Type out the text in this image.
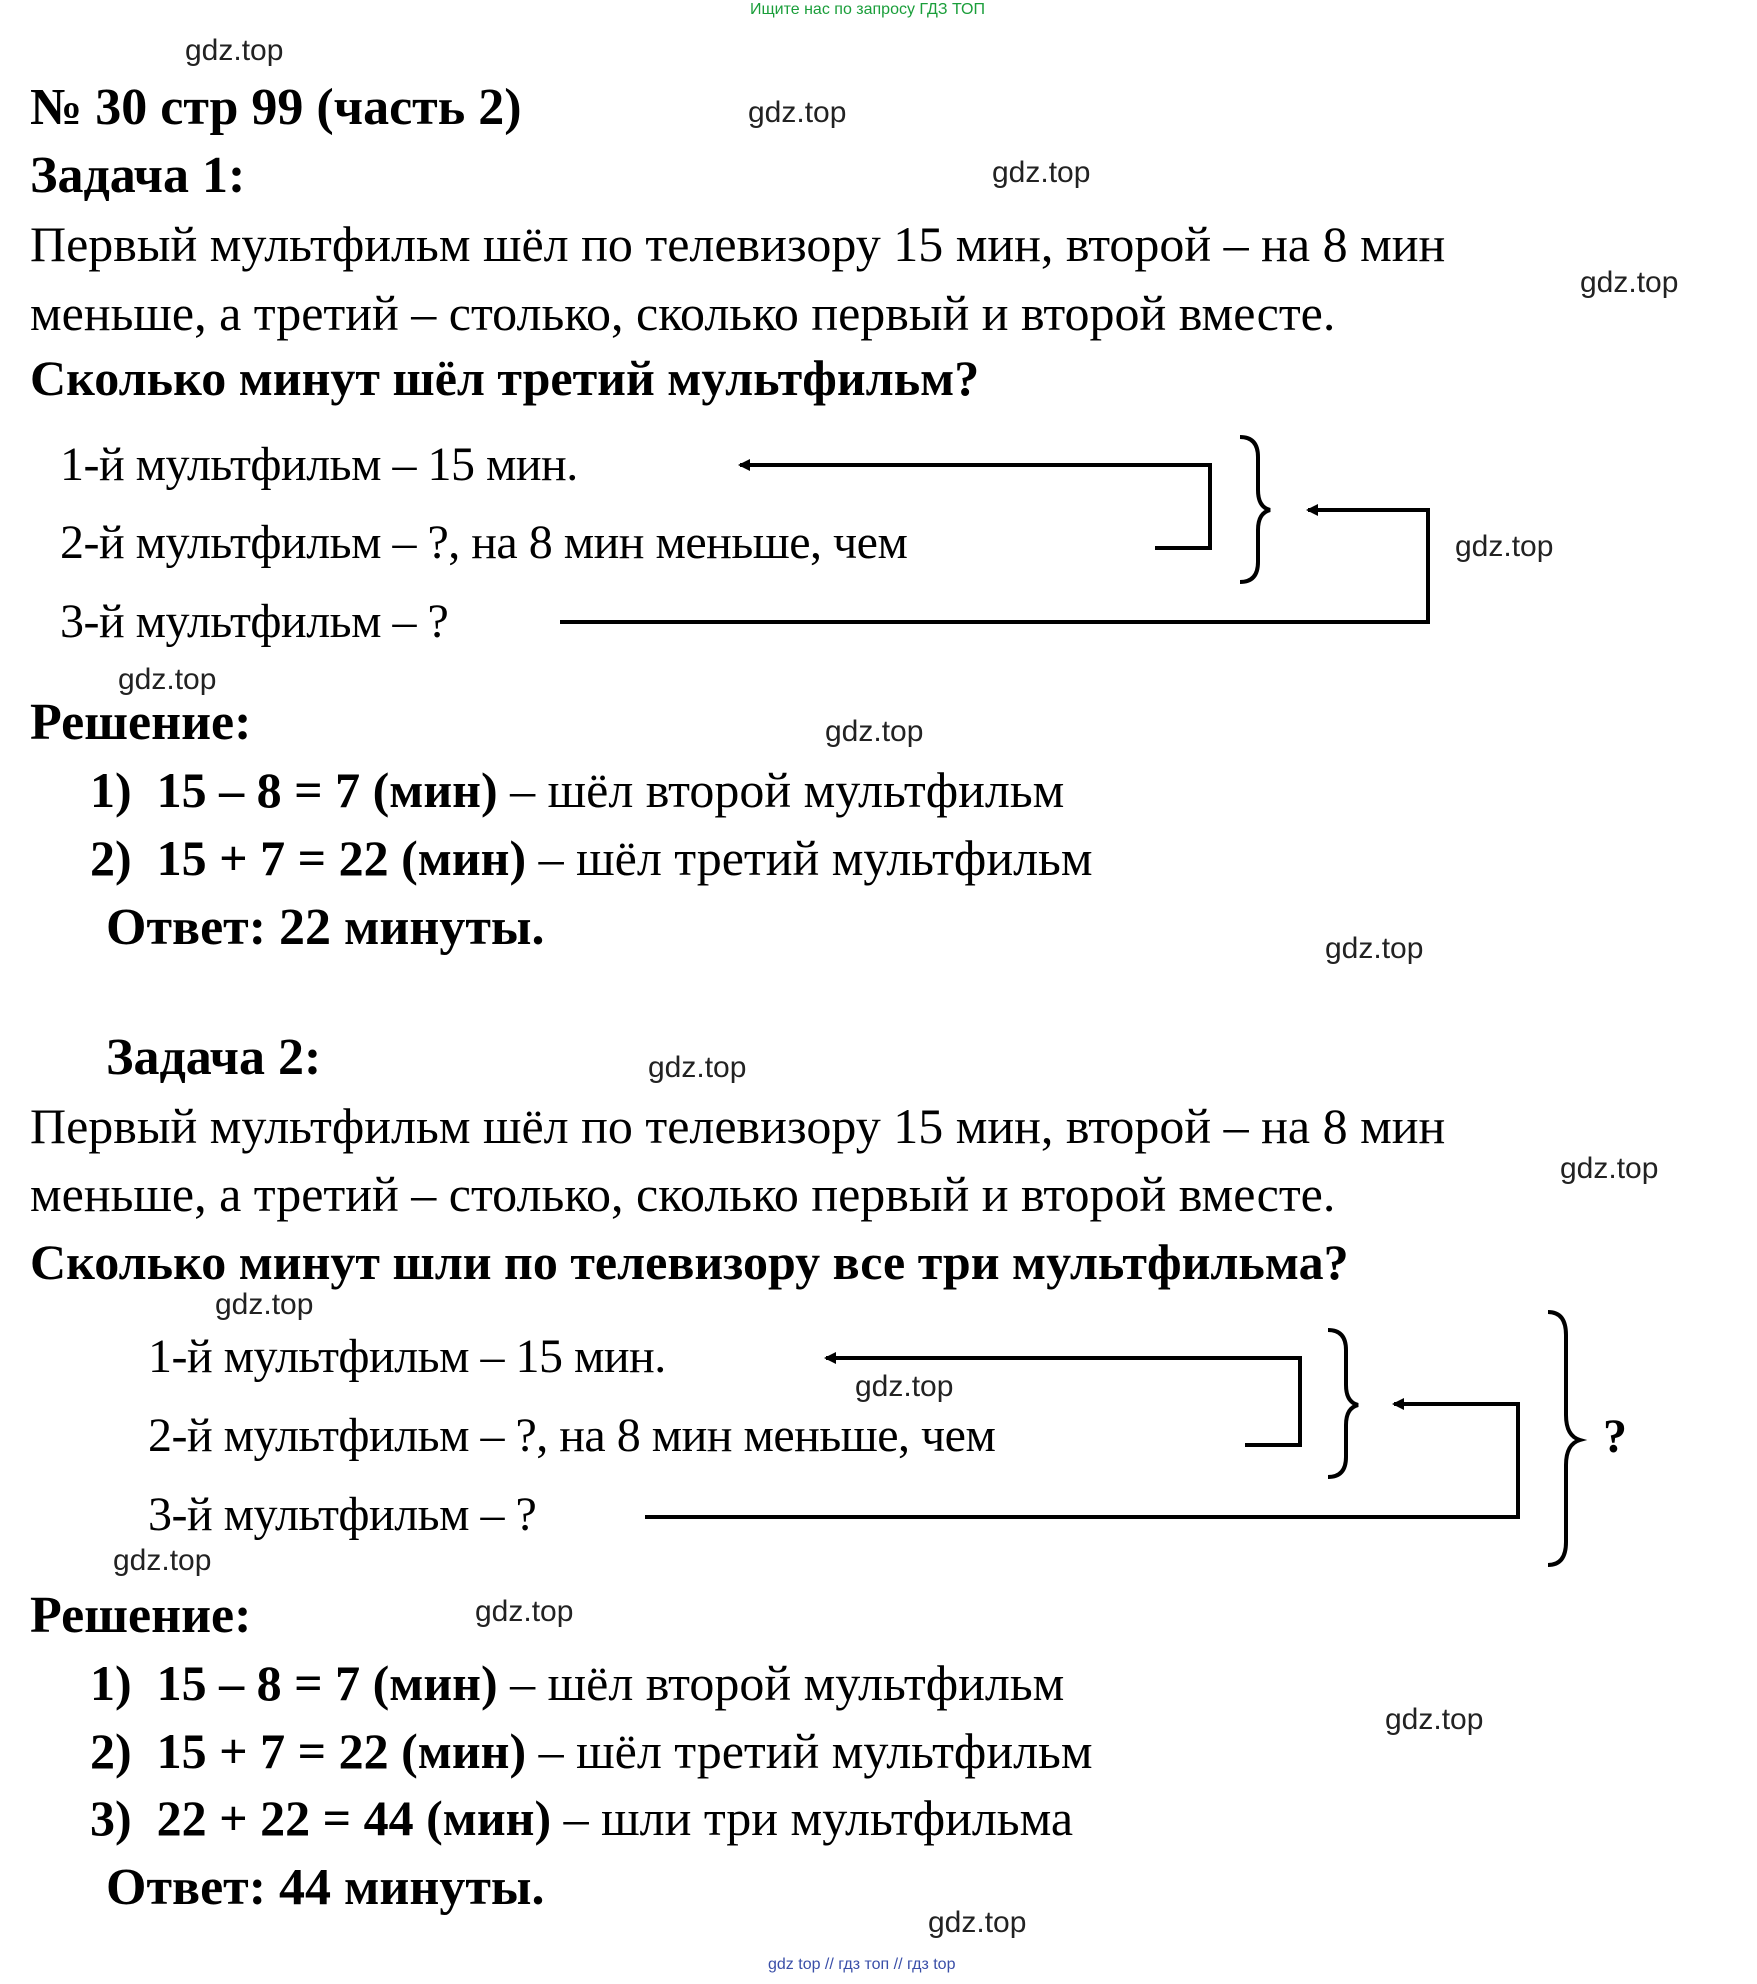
Ищите нас по запросу ГДЗ ТОП
gdz.top
gdz.top
gdz.top
gdz.top
gdz.top
gdz.top
gdz.top
gdz.top
gdz.top
gdz.top
gdz.top
gdz.top
gdz.top
gdz.top
gdz.top
gdz.top
№ 30 стр 99 (часть 2)
Задача 1:
Первый мультфильм шёл по телевизору 15 мин, второй – на 8 мин
меньше, а третий – столько, сколько первый и второй вместе.
Сколько минут шёл третий мультфильм?
1-й мультфильм – 15 мин.
2-й мультфильм – ?, на 8 мин меньше, чем
3-й мультфильм – ?
Решение:
1) 15 – 8 = 7 (мин) – шёл второй мультфильм
2) 15 + 7 = 22 (мин) – шёл третий мультфильм
Ответ: 22 минуты.
Задача 2:
Первый мультфильм шёл по телевизору 15 мин, второй – на 8 мин
меньше, а третий – столько, сколько первый и второй вместе.
Сколько минут шли по телевизору все три мультфильма?
1-й мультфильм – 15 мин.
2-й мультфильм – ?, на 8 мин меньше, чем
3-й мультфильм – ?
?
Решение:
1) 15 – 8 = 7 (мин) – шёл второй мультфильм
2) 15 + 7 = 22 (мин) – шёл третий мультфильм
3) 22 + 22 = 44 (мин) – шли три мультфильма
Ответ: 44 минуты.
gdz top // гдз топ // гдз top
